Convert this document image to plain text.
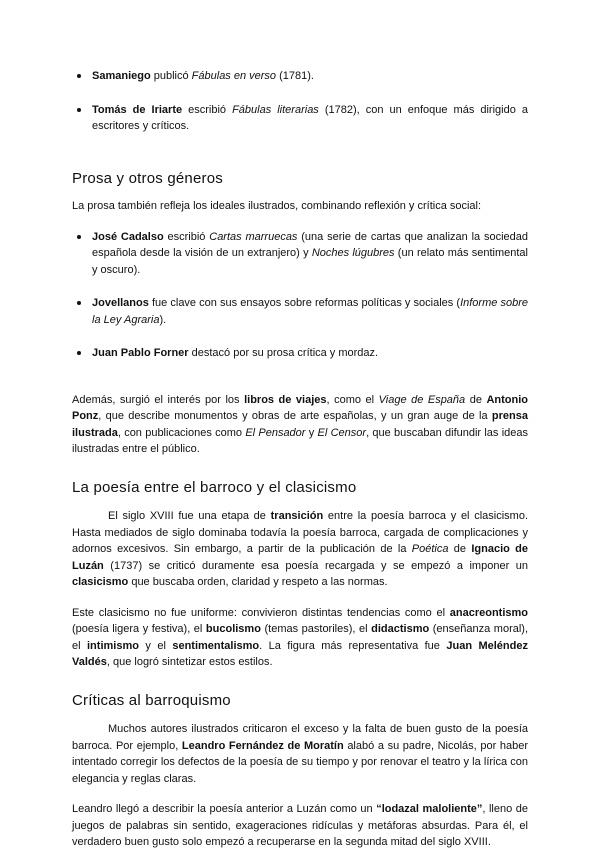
Samaniego publicó Fábulas en verso (1781).
Tomás de Iriarte escribió Fábulas literarias (1782), con un enfoque más dirigido a escritores y críticos.
Prosa y otros géneros

La prosa también refleja los ideales ilustrados, combinando reflexión y crítica social:

José Cadalso escribió Cartas marruecas (una serie de cartas que analizan la sociedad española desde la visión de un extranjero) y Noches lúgubres (un relato más sentimental y oscuro).
Jovellanos fue clave con sus ensayos sobre reformas políticas y sociales (Informe sobre la Ley Agraria).
Juan Pablo Forner destacó por su prosa crítica y mordaz.

Además, surgió el interés por los libros de viajes, como el Viage de España de Antonio Ponz, que describe monumentos y obras de arte españolas, y un gran auge de la prensa ilustrada, con publicaciones como El Pensador y El Censor, que buscaban difundir las ideas ilustradas entre el público.

La poesía entre el barroco y el clasicismo

El siglo XVIII fue una etapa de transición entre la poesía barroca y el clasicismo. Hasta mediados de siglo dominaba todavía la poesía barroca, cargada de complicaciones y adornos excesivos. Sin embargo, a partir de la publicación de la Poética de Ignacio de Luzán (1737) se criticó duramente esa poesía recargada y se empezó a imponer un clasicismo que buscaba orden, claridad y respeto a las normas.

Este clasicismo no fue uniforme: convivieron distintas tendencias como el anacreontismo (poesía ligera y festiva), el bucolismo (temas pastoriles), el didactismo (enseñanza moral), el intimismo y el sentimentalismo. La figura más representativa fue Juan Meléndez Valdés, que logró sintetizar estos estilos.

Críticas al barroquismo

Muchos autores ilustrados criticaron el exceso y la falta de buen gusto de la poesía barroca. Por ejemplo, Leandro Fernández de Moratín alabó a su padre, Nicolás, por haber intentado corregir los defectos de la poesía de su tiempo y por renovar el teatro y la lírica con elegancia y reglas claras.

Leandro llegó a describir la poesía anterior a Luzán como un “lodazal maloliente”, lleno de juegos de palabras sin sentido, exageraciones ridículas y metáforas absurdas. Para él, el verdadero buen gusto solo empezó a recuperarse en la segunda mitad del siglo XVIII.
